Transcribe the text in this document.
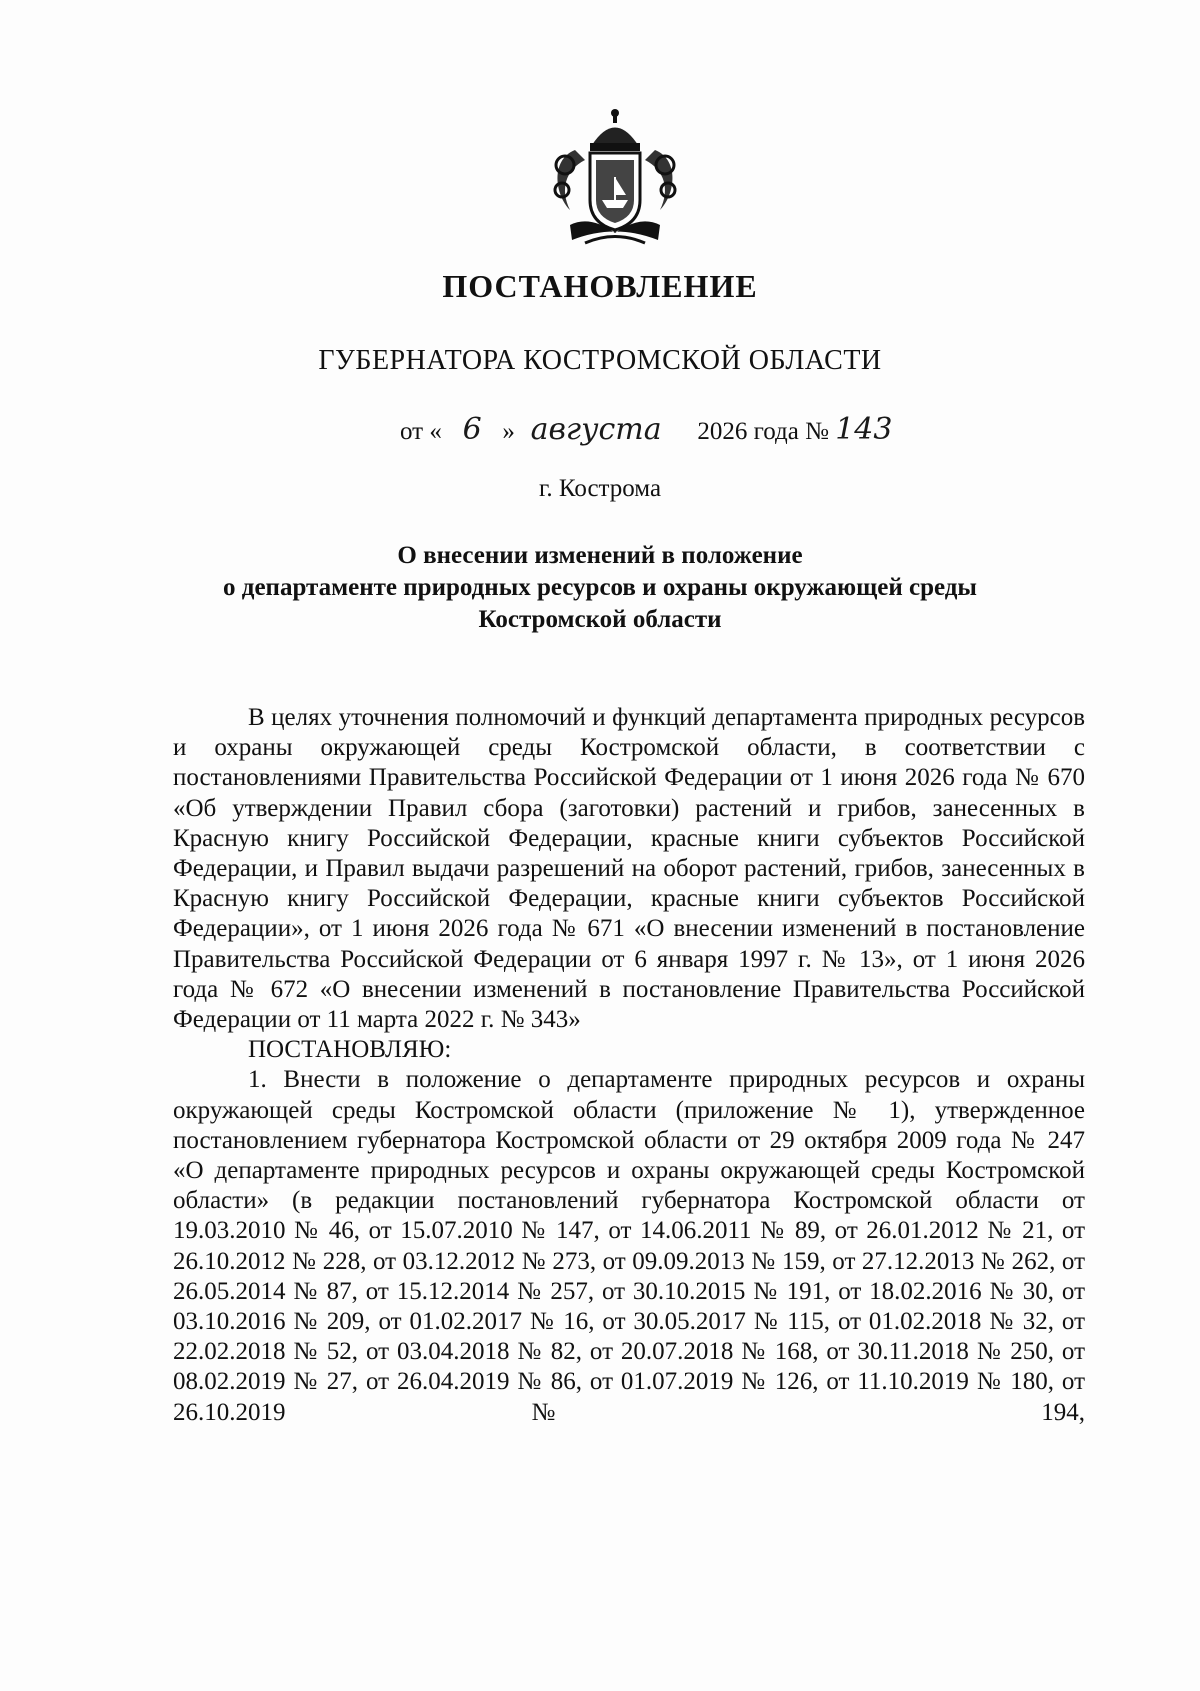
ПОСТАНОВЛЕНИЕ
ГУБЕРНАТОРА КОСТРОМСКОЙ ОБЛАСТИ
от « 6 » августа 2026 года № 143
г. Кострома
О внесении изменений в положение
о департаменте природных ресурсов и охраны окружающей среды
Костромской области

В целях уточнения полномочий и функций департамента природных ресурсов и охраны окружающей среды Костромской области, в соответствии с постановлениями Правительства Российской Федерации от 1 июня 2026 года № 670 «Об утверждении Правил сбора (заготовки) растений и грибов, занесенных в Красную книгу Российской Федерации, красные книги субъектов Российской Федерации, и Правил выдачи разрешений на оборот растений, грибов, занесенных в Красную книгу Российской Федерации, красные книги субъектов Российской Федерации», от 1 июня 2026 года № 671 «О внесении изменений в постановление Правительства Российской Федерации от 6 января 1997 г. № 13», от 1 июня 2026 года № 672 «О внесении изменений в постановление Правительства Российской Федерации от 11 марта 2022 г. № 343»

ПОСТАНОВЛЯЮ:

1. Внести в положение о департаменте природных ресурсов и охраны окружающей среды Костромской области (приложение № 1), утвержденное постановлением губернатора Костромской области от 29 октября 2009 года № 247 «О департаменте природных ресурсов и охраны окружающей среды Костромской области» (в редакции постановлений губернатора Костромской области от 19.03.2010 № 46, от 15.07.2010 № 147, от 14.06.2011 № 89, от 26.01.2012 № 21, от 26.10.2012 № 228, от 03.12.2012 № 273, от 09.09.2013 № 159, от 27.12.2013 № 262, от 26.05.2014 № 87, от 15.12.2014 № 257, от 30.10.2015 № 191, от 18.02.2016 № 30, от 03.10.2016 № 209, от 01.02.2017 № 16, от 30.05.2017 № 115, от 01.02.2018 № 32, от 22.02.2018 № 52, от 03.04.2018 № 82, от 20.07.2018 № 168, от 30.11.2018 № 250, от 08.02.2019 № 27, от 26.04.2019 № 86, от 01.07.2019 № 126, от 11.10.2019 № 180, от 26.10.2019 № 194,
